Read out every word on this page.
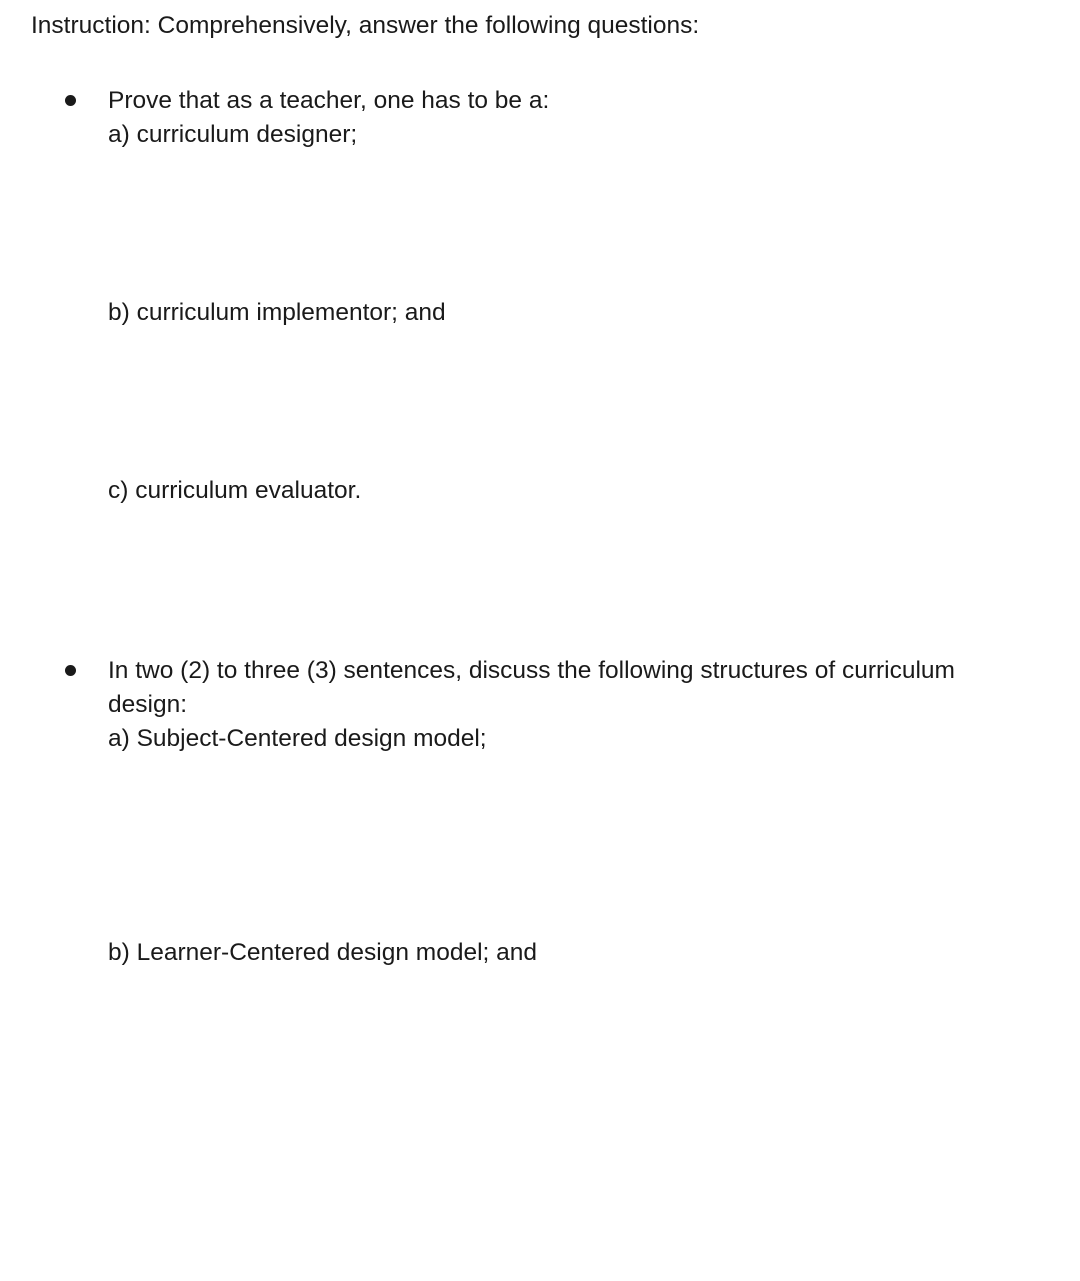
Instruction: Comprehensively, answer the following questions:

Prove that as a teacher, one has to be a:

a) curriculum designer;

b) curriculum implementor; and

c) curriculum evaluator.

In two (2) to three (3) sentences, discuss the following structures of curriculum

design:

a) Subject-Centered design model;

b) Learner-Centered design model; and
